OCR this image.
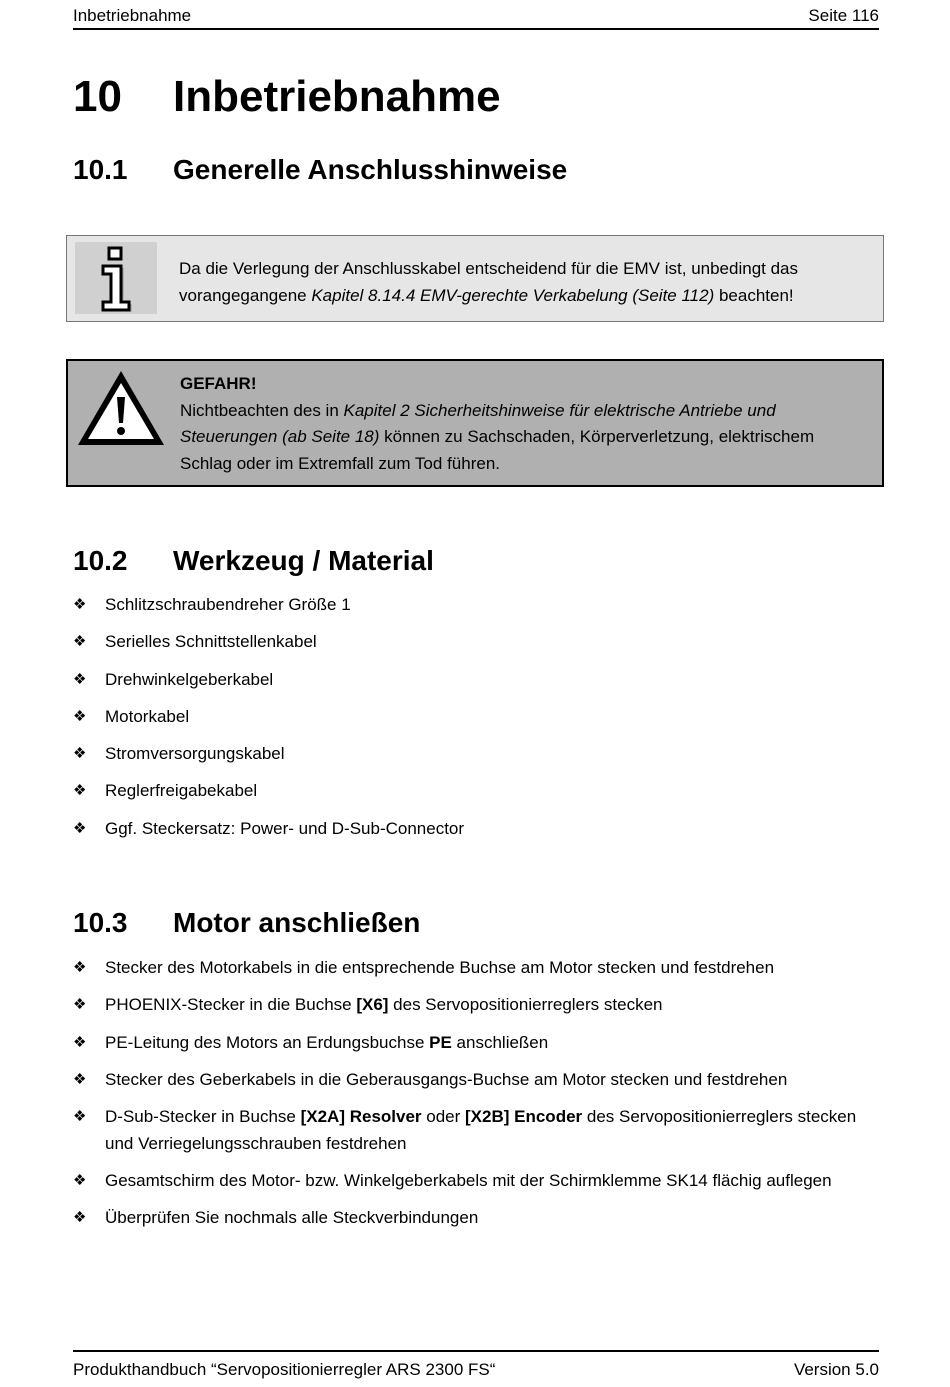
Inbetriebnahme	Seite 116
10 Inbetriebnahme
10.1 Generelle Anschlusshinweise
Da die Verlegung der Anschlusskabel entscheidend für die EMV ist, unbedingt das vorangegangene Kapitel 8.14.4 EMV-gerechte Verkabelung (Seite 112) beachten!
GEFAHR!
Nichtbeachten des in Kapitel 2 Sicherheitshinweise für elektrische Antriebe und Steuerungen (ab Seite 18) können zu Sachschaden, Körperverletzung, elektrischem Schlag oder im Extremfall zum Tod führen.
10.2 Werkzeug / Material
❖ Schlitzschraubendreher Größe 1
❖ Serielles Schnittstellenkabel
❖ Drehwinkelgeberkabel
❖ Motorkabel
❖ Stromversorgungskabel
❖ Reglerfreigabekabel
❖ Ggf. Steckersatz: Power- und D-Sub-Connector
10.3 Motor anschließen
❖ Stecker des Motorkabels in die entsprechende Buchse am Motor stecken und festdrehen
❖ PHOENIX-Stecker in die Buchse [X6] des Servopositionierreglers stecken
❖ PE-Leitung des Motors an Erdungsbuchse PE anschließen
❖ Stecker des Geberkabels in die Geberausgangs-Buchse am Motor stecken und festdrehen
❖ D-Sub-Stecker in Buchse [X2A] Resolver oder [X2B] Encoder des Servopositionierreglers stecken und Verriegelungsschrauben festdrehen
❖ Gesamtschirm des Motor- bzw. Winkelgeberkabels mit der Schirmklemme SK14 flächig auflegen
❖ Überprüfen Sie nochmals alle Steckverbindungen
Produkthandbuch “Servopositionierregler ARS 2300 FS“	Version 5.0
